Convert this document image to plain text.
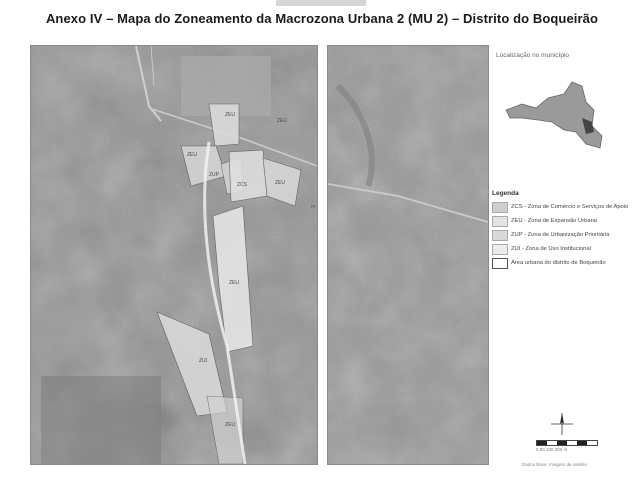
Anexo IV – Mapa do Zoneamento da Macrozona Urbana 2 (MU 2) – Distrito do Boqueirão
ZEU
ZEU
ZEU
ZCS
ZUP
ZEU
ZEU
ZUI
ZEU
m
Localização no município
Legenda
ZCS - Zona de Comércio e Serviços de Apoio
ZEU - Zona de Expansão Urbana
ZUP - Zona de Urbanização Prioritária
ZUI - Zona de Uso Institucional
Área urbana do distrito de Boqueirão
0 50 100 200 m
Dados Base: Imagem de satélite
